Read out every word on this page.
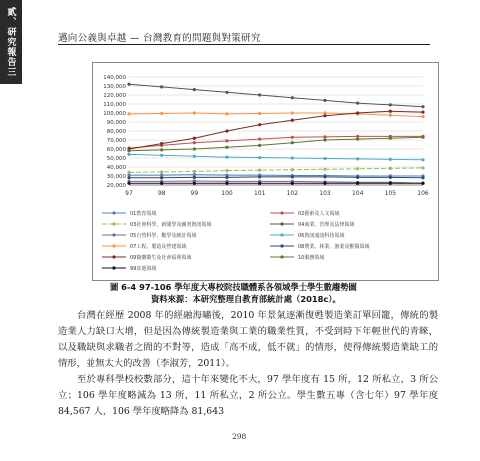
貳、研究報告三	邁向公義與卓越 — 台灣教育的問題與對策研究
140,000
130,000
120,000
110,000
100,000
90,000
80,000
70,000
60,000
50,000
40,000
30,000
20,000
97	98	99	100	101	102	103	104	105	106
01教育領域	02藝術及人文領域
03社會科學、新聞學及圖書資訊領域	04商業、管理及法律領域
05自然科學、數學及統計領域	06資訊通訊科技領域
07工程、製造及營建領域	08農業、林業、漁業及獸醫領域
09醫藥衛生及社會福利領域	10服務領域
99其他領域
圖 6-4 97-106 學年度大專校院技職體系各領域學士學生數趨勢圖
資料來源：本研究整理自教育部統計處（2018c）。

台灣在經歷 2008 年的經融海嘯後，2010 年景氣逐漸復甦製造業訂單回籠，傳統的製造業人力缺口大增，但是因為傳統製造業與工業的職業性質，不受到時下年輕世代的青睞，以及職缺與求職者之間的不對等，造成「高不成，低不就」的情形，使得傳統製造業缺工的情形，並無太大的改善（李淑芳，2011）。

至於專科學校校數部分，這十年來變化不大，97 學年度有 15 所，12 所私立，3 所公立；106 學年度略減為 13 所，11 所私立，2 所公立。學生數五專（含七年）97 學年度 84,567 人，106 學年度略降為 81,643

298
